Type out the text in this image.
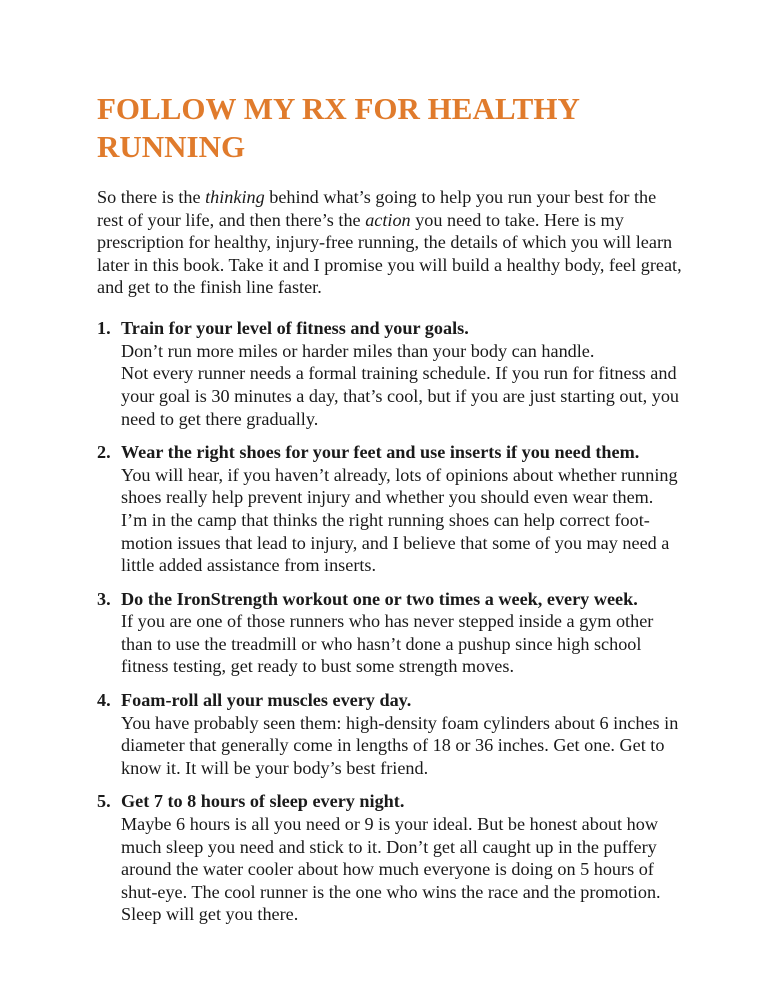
FOLLOW MY RX FOR HEALTHY RUNNING

So there is the thinking behind what’s going to help you run your best for the rest of your life, and then there’s the action you need to take. Here is my prescription for healthy, injury-free running, the details of which you will learn later in this book. Take it and I promise you will build a healthy body, feel great, and get to the finish line faster.

1. Train for your level of fitness and your goals.
Don’t run more miles or harder miles than your body can handle.
Not every runner needs a formal training schedule. If you run for fitness and your goal is 30 minutes a day, that’s cool, but if you are just starting out, you need to get there gradually.
2. Wear the right shoes for your feet and use inserts if you need them.
You will hear, if you haven’t already, lots of opinions about whether running shoes really help prevent injury and whether you should even wear them. I’m in the camp that thinks the right running shoes can help correct foot-motion issues that lead to injury, and I believe that some of you may need a little added assistance from inserts.
3. Do the IronStrength workout one or two times a week, every week.
If you are one of those runners who has never stepped inside a gym other than to use the treadmill or who hasn’t done a pushup since high school fitness testing, get ready to bust some strength moves.
4. Foam-roll all your muscles every day.
You have probably seen them: high-density foam cylinders about 6 inches in diameter that generally come in lengths of 18 or 36 inches. Get one. Get to know it. It will be your body’s best friend.
5. Get 7 to 8 hours of sleep every night.
Maybe 6 hours is all you need or 9 is your ideal. But be honest about how much sleep you need and stick to it. Don’t get all caught up in the puffery around the water cooler about how much everyone is doing on 5 hours of shut-eye. The cool runner is the one who wins the race and the promotion. Sleep will get you there.
